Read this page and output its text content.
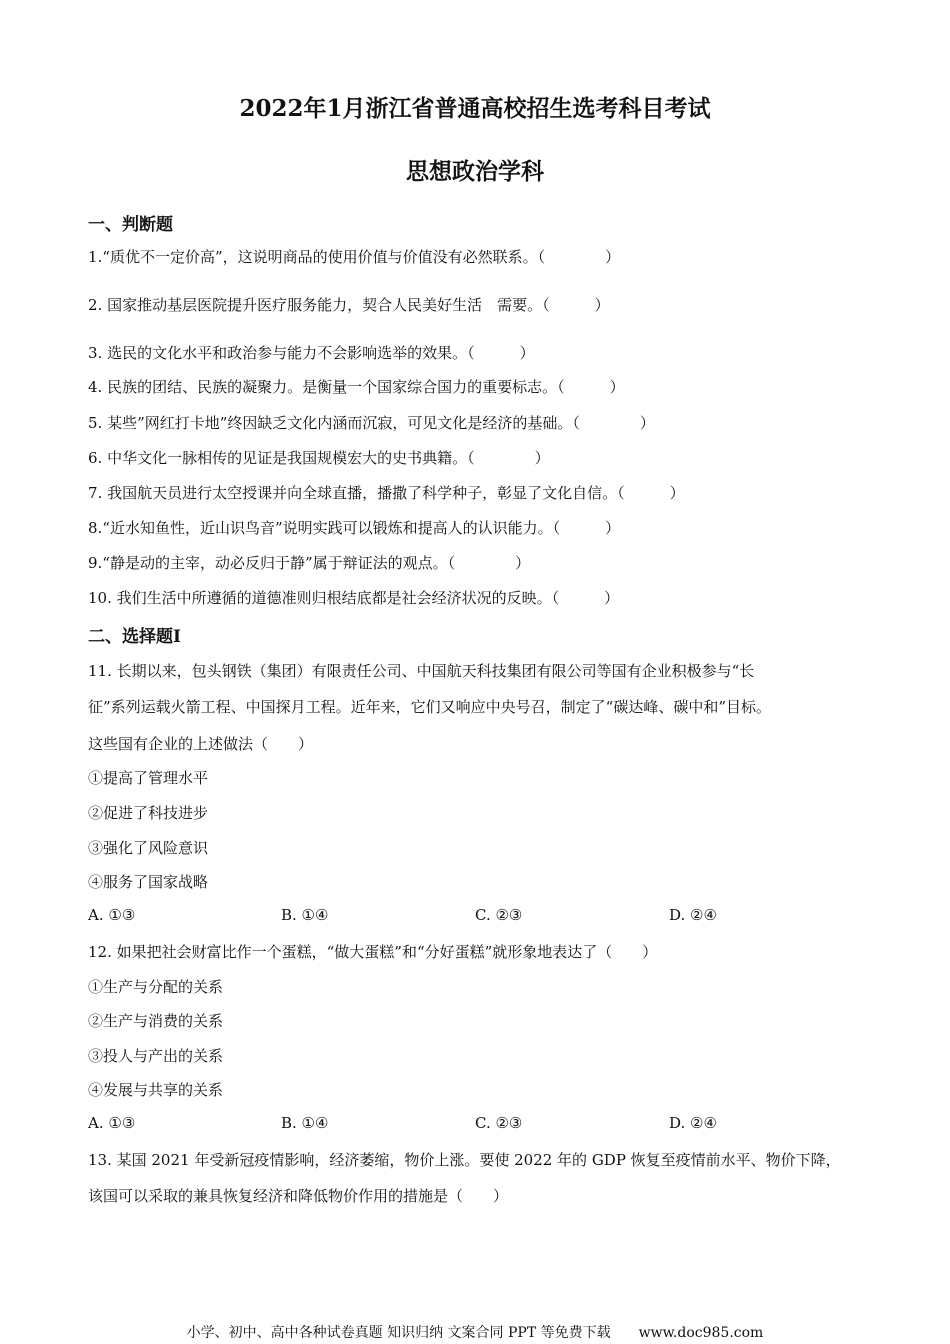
2022年1月浙江省普通高校招生选考科目考试
思想政治学科
一、判断题
1.“质优不一定价高”，这说明商品的使用价值与价值没有必然联系。（　　　　）
2. 国家推动基层医院提升医疗服务能力，契合人民美好生活　需要。（　　　）
3. 选民的文化水平和政治参与能力不会影响选举的效果。（　　　）
4. 民族的团结、民族的凝聚力。是衡量一个国家综合国力的重要标志。（　　　）
5. 某些”网红打卡地”终因缺乏文化内涵而沉寂，可见文化是经济的基础。（　　　　）
6. 中华文化一脉相传的见证是我国规模宏大的史书典籍。（　　　　）
7. 我国航天员进行太空授课并向全球直播，播撒了科学种子，彰显了文化自信。（　　　）
8.“近水知鱼性，近山识鸟音”说明实践可以锻炼和提高人的认识能力。（　　　）
9.“静是动的主宰，动必反归于静”属于辩证法的观点。（　　　　）
10. 我们生活中所遵循的道德准则归根结底都是社会经济状况的反映。（　　　）
二、选择题Ⅰ
11. 长期以来，包头钢铁（集团）有限责任公司、中国航天科技集团有限公司等国有企业积极参与“长
征”系列运载火箭工程、中国探月工程。近年来，它们又响应中央号召，制定了“碳达峰、碳中和”目标。
这些国有企业的上述做法（　　）
①提高了管理水平
②促进了科技进步
③强化了风险意识
④服务了国家战略
A. ①③	B. ①④	C. ②③	D. ②④
12. 如果把社会财富比作一个蛋糕，“做大蛋糕”和“分好蛋糕”就形象地表达了（　　）
①生产与分配的关系
②生产与消费的关系
③投人与产出的关系
④发展与共享的关系
A. ①③	B. ①④	C. ②③	D. ②④
13. 某国 2021 年受新冠疫情影响，经济萎缩，物价上涨。要使 2022 年的 GDP 恢复至疫情前水平、物价下降，
该国可以采取的兼具恢复经济和降低物价作用的措施是（　　）
小学、初中、高中各种试卷真题 知识归纳 文案合同 PPT 等免费下载　　www.doc985.com
